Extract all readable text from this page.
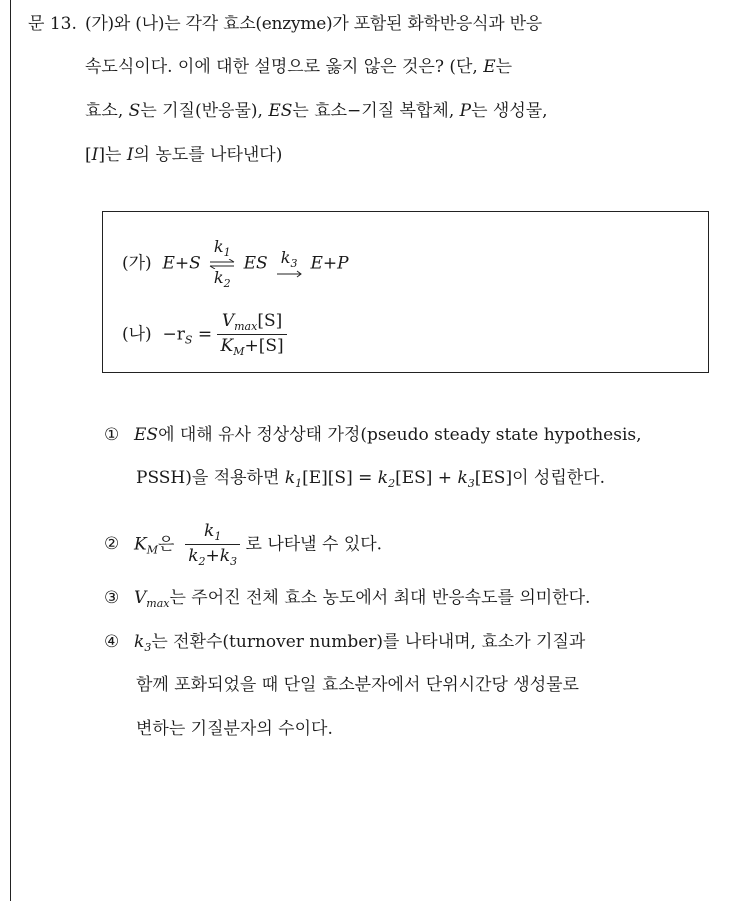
문 13. (가)와 (나)는 각각 효소(enzyme)가 포함된 화학반응식과 반응
속도식이다. 이에 대한 설명으로 옳지 않은 것은? (단, E는
효소, S는 기질(반응물), ES는 효소−기질 복합체, P는 생성물,
[I]는 I의 농도를 나타낸다)
(가) E+S
$k_1$
$k_2$
ES $k_3$ E+P
(나) $-r_S = \frac{V_{max}[S]}{K_M+[S]}$
① ES에 대해 유사 정상상태 가정(pseudo steady state hypothesis,
PSSH)을 적용하면 $k_1[E][S] = k_2[ES] + k_3[ES]$이 성립한다.
② $K_M$은 $\frac{k_1}{k_2+k_3}$ 로 나타낼 수 있다.
③ $V_{max}$는 주어진 전체 효소 농도에서 최대 반응속도를 의미한다.
④ $k_3$는 전환수(turnover number)를 나타내며, 효소가 기질과
함께 포화되었을 때 단일 효소분자에서 단위시간당 생성물로
변하는 기질분자의 수이다.
